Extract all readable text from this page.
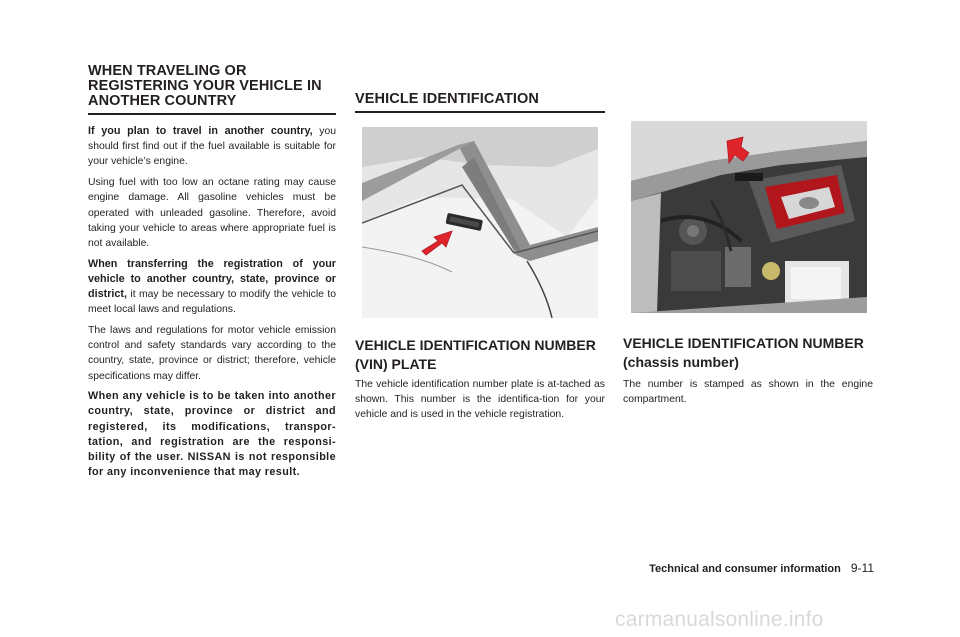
WHEN TRAVELING OR
REGISTERING YOUR VEHICLE IN
ANOTHER COUNTRY

If you plan to travel in another country, you should first find out if the fuel available is suitable for your vehicle’s engine.

Using fuel with too low an octane rating may cause engine damage. All gasoline vehicles must be operated with unleaded gasoline. Therefore, avoid taking your vehicle to areas where appropriate fuel is not available.

When transferring the registration of your vehicle to another country, state, province or district, it may be necessary to modify the vehicle to meet local laws and regulations.

The laws and regulations for motor vehicle emission control and safety standards vary according to the country, state, province or district; therefore, vehicle specifications may differ.

When any vehicle is to be taken into another country, state, province or district and registered, its modifications, transpor-tation, and registration are the responsi-bility of the user. NISSAN is not responsible for any inconvenience that may result.

VEHICLE IDENTIFICATION
VEHICLE IDENTIFICATION NUMBER (VIN) PLATE

The vehicle identification number plate is at-tached as shown. This number is the identifica-tion for your vehicle and is used in the vehicle registration.

VEHICLE IDENTIFICATION NUMBER (chassis number)

The number is stamped as shown in the engine compartment.

Technical and consumer information 9-11
carmanualsonline.info
